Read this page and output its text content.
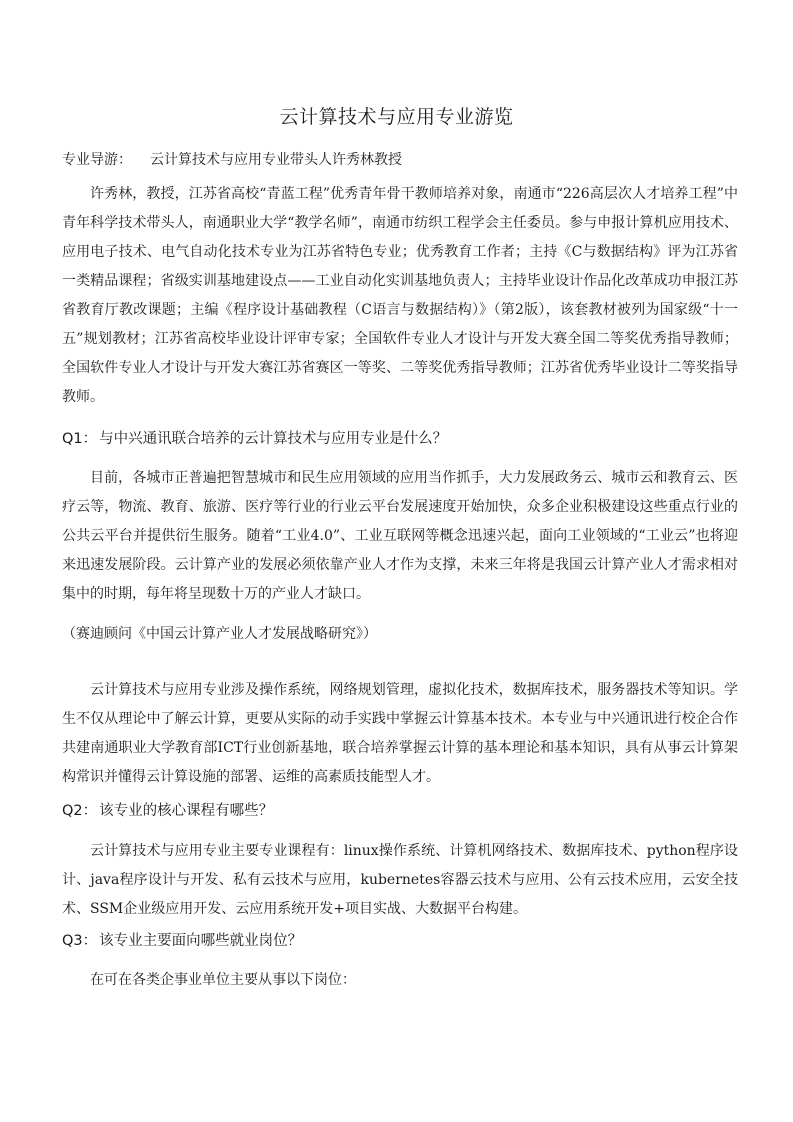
云计算技术与应用专业游览
专业导游： 云计算技术与应用专业带头人许秀林教授
许秀林，教授，江苏省高校“青蓝工程”优秀青年骨干教师培养对象，南通市“226高层次人才培养工程”中青年科学技术带头人，南通职业大学“教学名师”，南通市纺织工程学会主任委员。参与申报计算机应用技术、应用电子技术、电气自动化技术专业为江苏省特色专业；优秀教育工作者；主持《C与数据结构》评为江苏省一类精品课程；省级实训基地建设点——工业自动化实训基地负责人；主持毕业设计作品化改革成功申报江苏省教育厅教改课题；主编《程序设计基础教程（C语言与数据结构）》（第2版），该套教材被列为国家级“十一五”规划教材；江苏省高校毕业设计评审专家；全国软件专业人才设计与开发大赛全国二等奖优秀指导教师；全国软件专业人才设计与开发大赛江苏省赛区一等奖、二等奖优秀指导教师；江苏省优秀毕业设计二等奖指导教师。
Q1： 与中兴通讯联合培养的云计算技术与应用专业是什么？
目前，各城市正普遍把智慧城市和民生应用领域的应用当作抓手，大力发展政务云、城市云和教育云、医疗云等，物流、教育、旅游、医疗等行业的行业云平台发展速度开始加快，众多企业积极建设这些重点行业的公共云平台并提供衍生服务。随着“工业4.0”、工业互联网等概念迅速兴起，面向工业领域的“工业云”也将迎来迅速发展阶段。云计算产业的发展必须依靠产业人才作为支撑，未来三年将是我国云计算产业人才需求相对集中的时期，每年将呈现数十万的产业人才缺口。
（赛迪顾问《中国云计算产业人才发展战略研究》）
云计算技术与应用专业涉及操作系统，网络规划管理，虚拟化技术，数据库技术，服务器技术等知识。学生不仅从理论中了解云计算，更要从实际的动手实践中掌握云计算基本技术。本专业与中兴通讯进行校企合作共建南通职业大学教育部ICT行业创新基地，联合培养掌握云计算的基本理论和基本知识，具有从事云计算架构常识并懂得云计算设施的部署、运维的高素质技能型人才。
Q2： 该专业的核心课程有哪些？
云计算技术与应用专业主要专业课程有：linux操作系统、计算机网络技术、数据库技术、python程序设计、java程序设计与开发、私有云技术与应用，kubernetes容器云技术与应用、公有云技术应用，云安全技术、SSM企业级应用开发、云应用系统开发+项目实战、大数据平台构建。
Q3： 该专业主要面向哪些就业岗位？
在可在各类企事业单位主要从事以下岗位：
